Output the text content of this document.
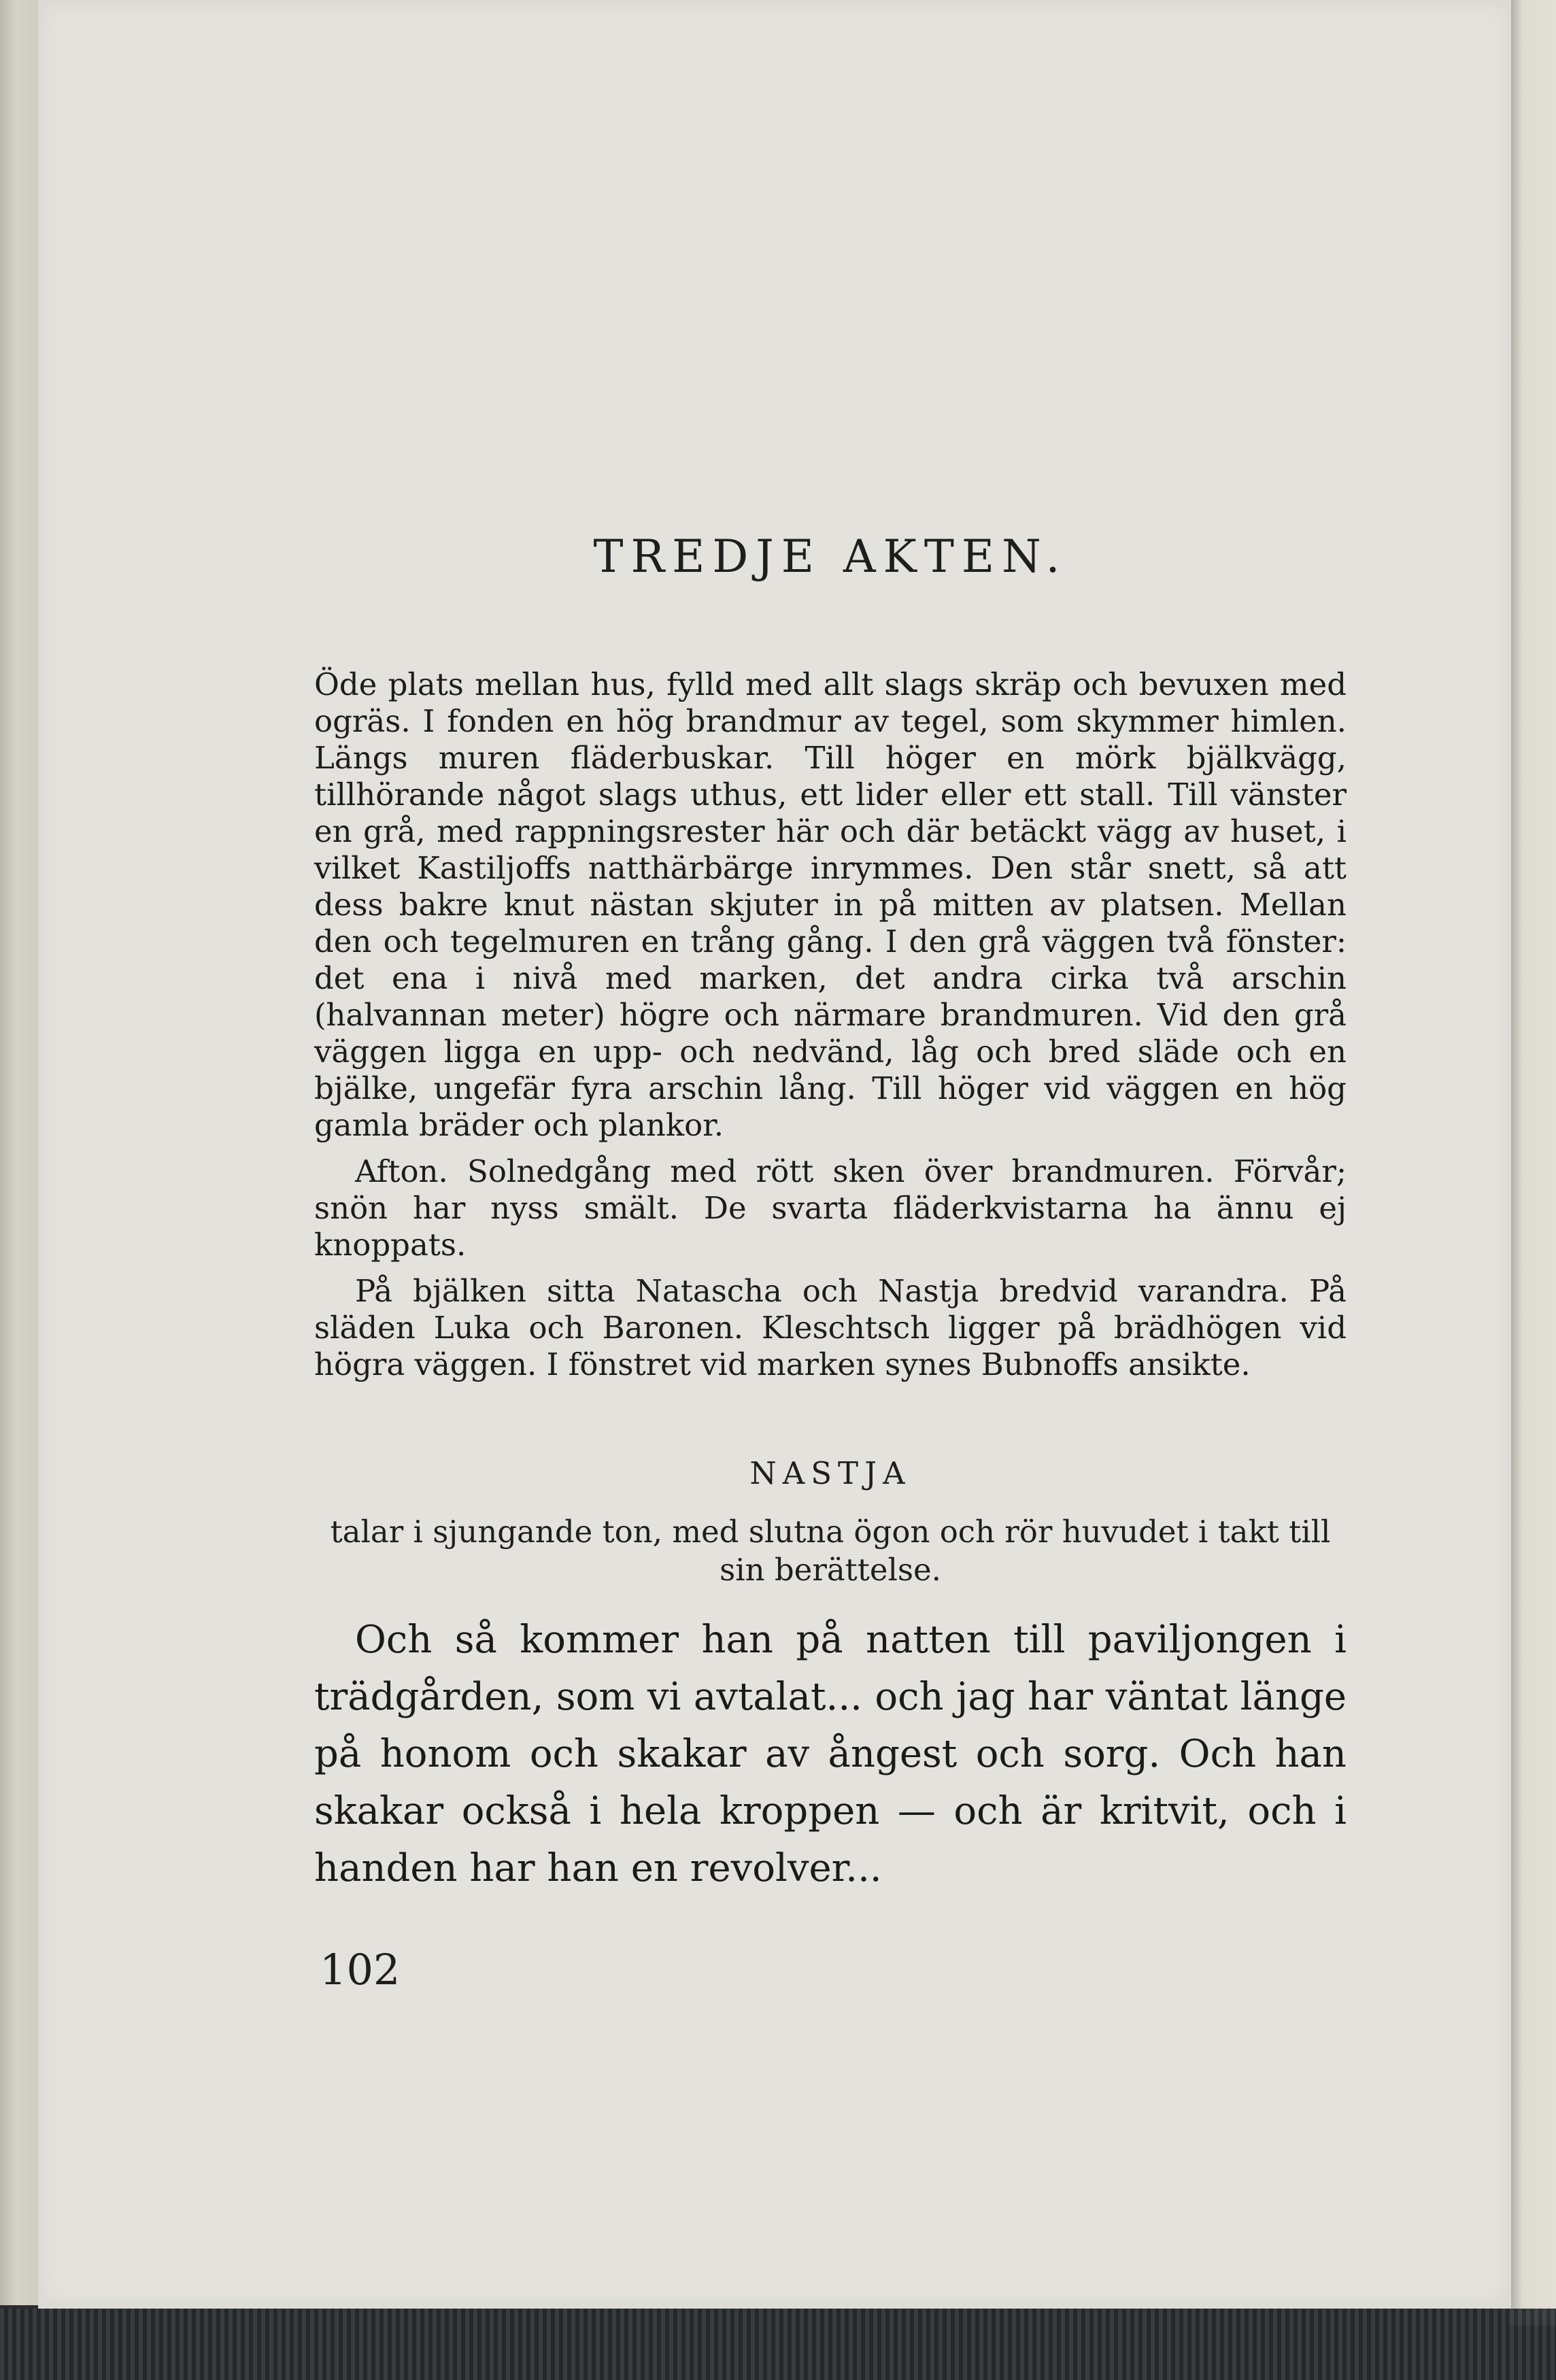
TREDJE AKTEN.

Öde plats mellan hus, fylld med allt slags skräp och bevuxen med ogräs. I fonden en hög brandmur av tegel, som skymmer himlen. Längs muren fläderbuskar. Till höger en mörk bjälkvägg, tillhörande något slags uthus, ett lider eller ett stall. Till vänster en grå, med rappningsrester här och där betäckt vägg av huset, i vilket Kastiljoffs natthärbärge inrymmes. Den står snett, så att dess bakre knut nästan skjuter in på mitten av platsen. Mellan den och tegelmuren en trång gång. I den grå väggen två fönster: det ena i nivå med marken, det andra cirka två arschin (halvannan meter) högre och närmare brandmuren. Vid den grå väggen ligga en upp- och nedvänd, låg och bred släde och en bjälke, ungefär fyra arschin lång. Till höger vid väggen en hög gamla bräder och plankor.

Afton. Solnedgång med rött sken över brandmuren. Förvår; snön har nyss smält. De svarta fläderkvistarna ha ännu ej knoppats.

På bjälken sitta Natascha och Nastja bredvid varandra. På släden Luka och Baronen. Kleschtsch ligger på brädhögen vid högra väggen. I fönstret vid marken synes Bubnoffs ansikte.

NASTJA
talar i sjungande ton, med slutna ögon och rör huvudet i takt till sin berättelse.

Och så kommer han på natten till paviljongen i trädgården, som vi avtalat... och jag har väntat länge på honom och skakar av ångest och sorg. Och han skakar också i hela kroppen — och är kritvit, och i handen har han en revolver...

102
